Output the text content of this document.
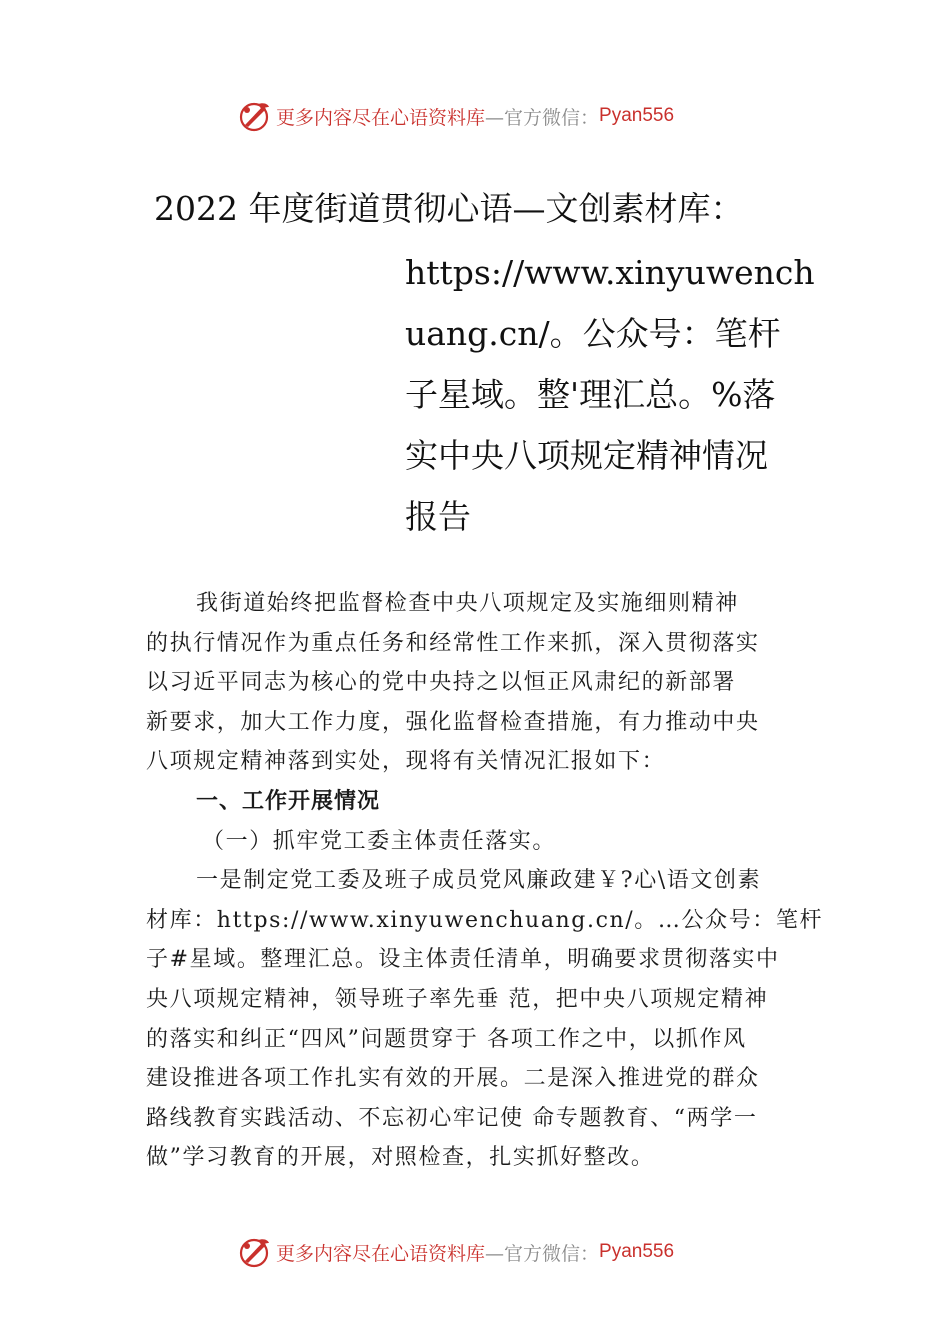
更多内容尽在心语资料库 —官方微信： Pyan556
2022 年度街道贯彻心语—文创素材库：
https://www.xinyuwench
uang.cn/。公众号：笔杆
子星域。整'理汇总。%落
实中央八项规定精神情况
报告

我街道始终把监督检查中央八项规定及实施细则精神

的执行情况作为重点任务和经常性工作来抓，深入贯彻落实

以习近平同志为核心的党中央持之以恒正风肃纪的新部署

新要求，加大工作力度，强化监督检查措施，有力推动中央

八项规定精神落到实处，现将有关情况汇报如下：

一、工作开展情况

（一）抓牢党工委主体责任落实。

一是制定党工委及班子成员党风廉政建￥?心\语文创素

材库：https://www.xinyuwenchuang.cn/。…公众号：笔杆

子#星域。整理汇总。设主体责任清单，明确要求贯彻落实中

央八项规定精神，领导班子率先垂 范，把中央八项规定精神

的落实和纠正“四风”问题贯穿于 各项工作之中，以抓作风

建设推进各项工作扎实有效的开展。二是深入推进党的群众

路线教育实践活动、不忘初心牢记使 命专题教育、“两学一

做”学习教育的开展，对照检查，扎实抓好整改。

更多内容尽在心语资料库 —官方微信： Pyan556
